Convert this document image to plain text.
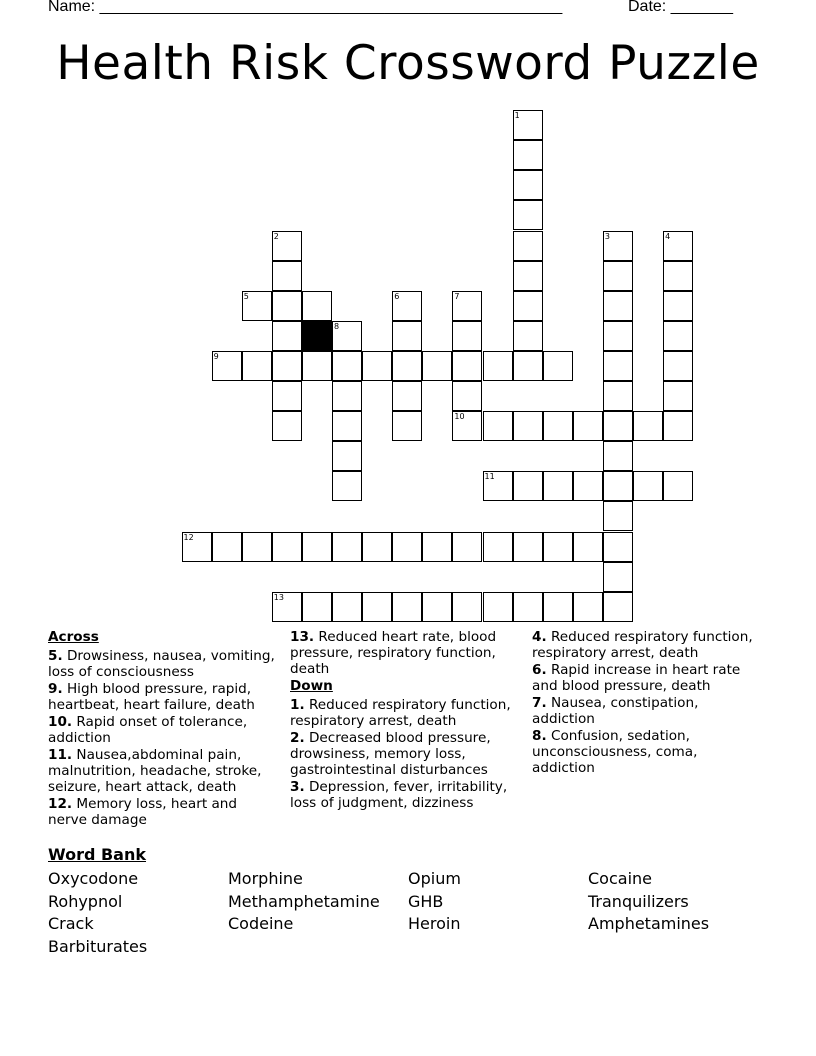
Name: ____________________________________________________	Date: _______
Health Risk Crossword Puzzle
1
2	3	4
5	6	7
8
9
10
11
12
13
Across
5. Drowsiness, nausea, vomiting, loss of consciousness
9. High blood pressure, rapid, heartbeat, heart failure, death
10. Rapid onset of tolerance, addiction
11. Nausea,abdominal pain, malnutrition, headache, stroke, seizure, heart attack, death
12. Memory loss, heart and nerve damage
13. Reduced heart rate, blood pressure, respiratory function, death
Down
1. Reduced respiratory function, respiratory arrest, death
2. Decreased blood pressure, drowsiness, memory loss, gastrointestinal disturbances
3. Depression, fever, irritability, loss of judgment, dizziness
4. Reduced respiratory function, respiratory arrest, death
6. Rapid increase in heart rate and blood pressure, death
7. Nausea, constipation, addiction
8. Confusion, sedation, unconsciousness, coma, addiction
Word Bank
Oxycodone	Morphine	Opium	Cocaine
Rohypnol	Methamphetamine	GHB	Tranquilizers
Crack	Codeine	Heroin	Amphetamines
Barbiturates
